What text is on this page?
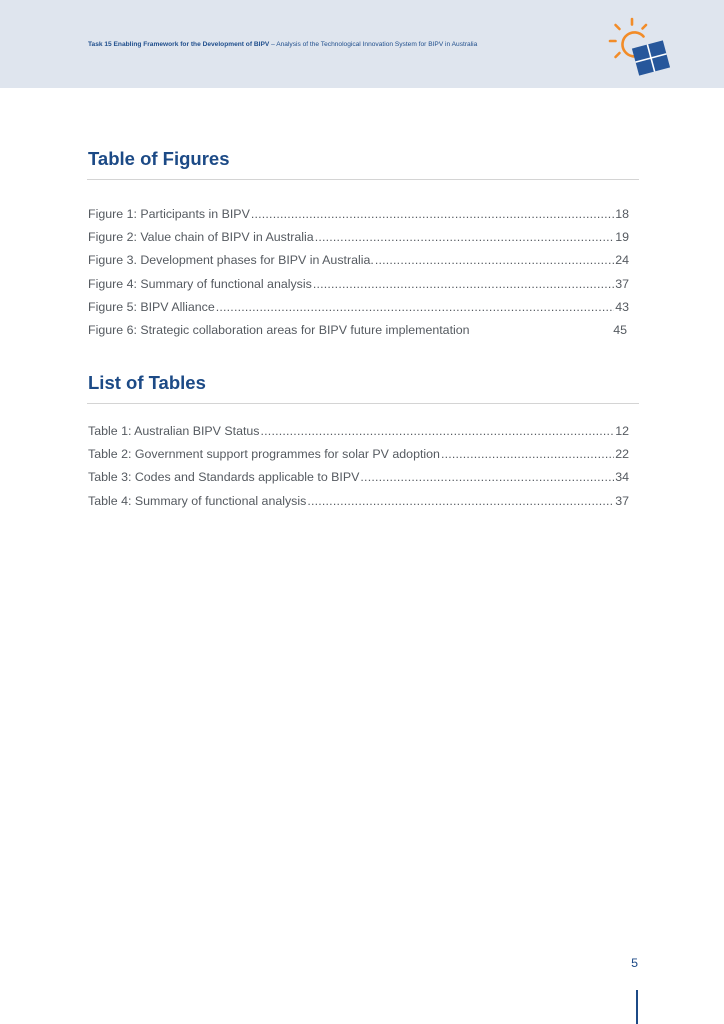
Task 15 Enabling Framework for the Development of BIPV – Analysis of the Technological Innovation System for BIPV in Australia
Table of Figures
Figure 1: Participants in BIPV .....	18
Figure 2: Value chain of BIPV in Australia .....	19
Figure 3. Development phases for BIPV in Australia. .....	24
Figure 4: Summary of functional analysis .....	37
Figure 5: BIPV Alliance .....	43
Figure 6: Strategic collaboration areas for BIPV future implementation	45
List of Tables
Table 1: Australian BIPV Status .....	12
Table 2: Government support programmes for solar PV adoption .....	22
Table 3: Codes and Standards applicable to BIPV .....	34
Table 4: Summary of functional analysis .....	37
5
